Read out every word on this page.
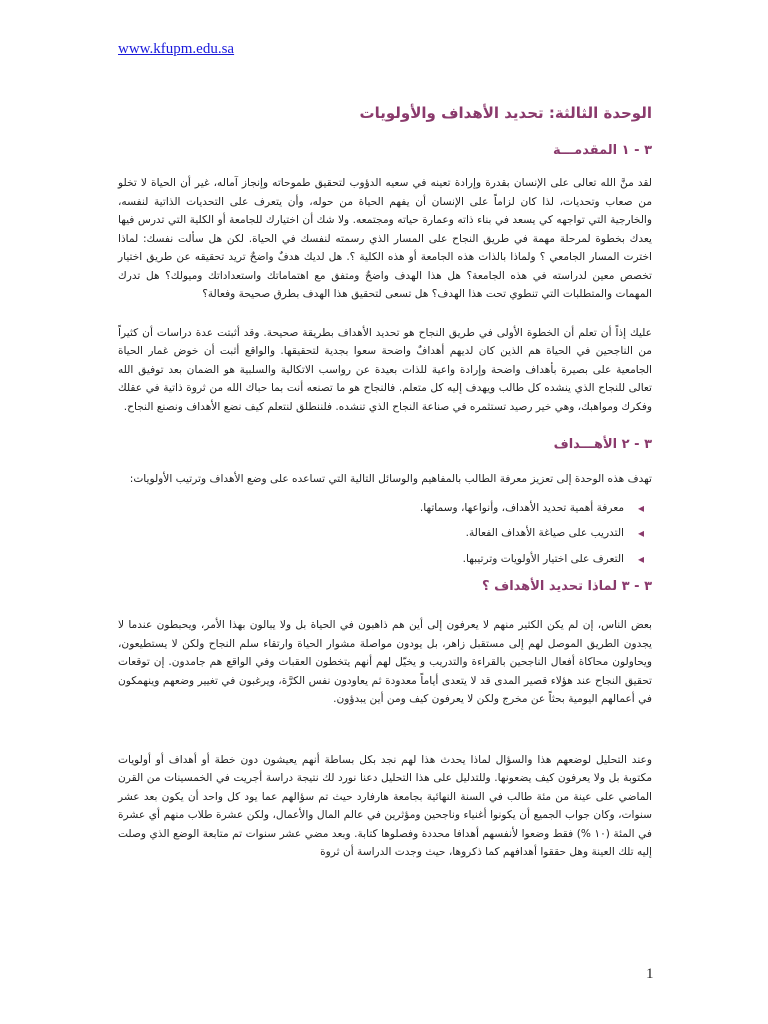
www.kfupm.edu.sa
الوحدة الثالثة: تحديد الأهداف والأولويات
٣ - ١ المقدمـــة

لقد منَّ الله تعالى على الإنسان بقدرة وإرادة تعينه في سعيه الدؤوب لتحقيق طموحاته وإنجاز آماله، غير أن الحياة لا تخلو من صعاب وتحديات، لذا كان لزاماً على الإنسان أن يفهم الحياة من حوله، وأن يتعرف على التحديات الذاتية لنفسه، والخارجية التي تواجهه كي يسعد في بناء ذاته وعمارة حياته ومجتمعه. ولا شك أن اختيارك للجامعة أو الكلية التي تدرس فيها يعدك بخطوة لمرحلة مهمة في طريق النجاح على المسار الذي رسمته لنفسك في الحياة. لكن هل سألت نفسك: لماذا اخترت المسار الجامعي ؟ ولماذا بالذات هذه الجامعة أو هذه الكلية ؟. هل لديك هدفٌ واضحٌ تريد تحقيقه عن طريق اختيار تخصص معين لدراسته في هذه الجامعة؟ هل هذا الهدف واضحٌ ومتفق مع اهتماماتك واستعداداتك وميولك؟ هل تدرك المهمات والمتطلبات التي تنطوي تحت هذا الهدف؟ هل تسعى لتحقيق هذا الهدف بطرق صحيحة وفعالة؟

عليك إذاً أن تعلم أن الخطوة الأولى في طريق النجاح هو تحديد الأهداف بطريقة صحيحة. وقد أثبتت عدة دراسات أن كثيراً من الناجحين في الحياة هم الذين كان لديهم أهدافٌ واضحة سعوا بجدية لتحقيقها. والواقع أثبت أن خوض غمار الحياة الجامعية على بصيرة بأهداف واضحة وإرادة واعية للذات بعيدة عن رواسب الاتكالية والسلبية هو الضمان بعد توفيق الله تعالى للنجاح الذي ينشده كل طالب ويهدف إليه كل متعلم. فالنجاح هو ما تصنعه أنت بما حباك الله من ثروة ذاتية في عقلك وفكرك ومواهبك، وهي خير رصيد تستثمره في صناعة النجاح الذي تنشده. فلننطلق لنتعلم كيف نضع الأهداف ونصنع النجاح.

٣ - ٢ الأهـــداف

تهدف هذه الوحدة إلى تعزيز معرفة الطالب بالمفاهيم والوسائل التالية التي تساعده على وضع الأهداف وترتيب الأولويات:

◂
معرفة أهمية تحديد الأهداف، وأنواعها، وسماتها.
◂
التدريب على صياغة الأهداف الفعالة.
◂
التعرف على اختيار الأولويات وترتيبها.
٣ - ٣ لماذا تحديد الأهداف ؟

بعض الناس، إن لم يكن الكثير منهم لا يعرفون إلى أين هم ذاهبون في الحياة بل ولا يبالون بهذا الأمر، ويحبطون عندما لا يجدون الطريق الموصل لهم إلى مستقبل زاهر، بل يودون مواصلة مشوار الحياة وارتقاء سلم النجاح ولكن لا يستطيعون، ويحاولون محاكاة أفعال الناجحين بالقراءة والتدريب و يخيّل لهم أنهم يتخطون العقبات وفي الواقع هم جامدون. إن توقعات تحقيق النجاح عند هؤلاء قصير المدى قد لا يتعدى أياماً معدودة ثم يعاودون نفس الكرَّة، ويرغبون في تغيير وضعهم وينهمكون في أعمالهم اليومية بحثاً عن مخرج ولكن لا يعرفون كيف ومن أين يبدؤون.

وعند التحليل لوضعهم هذا والسؤال لماذا يحدث هذا لهم نجد بكل بساطة أنهم يعيشون دون خطة أو أهداف أو أولويات مكتوبة بل ولا يعرفون كيف يضعونها. وللتدليل على هذا التحليل دعنا نورد لك نتيجة دراسة أجريت في الخمسينات من القرن الماضي على عينة من مئة طالب في السنة النهائية بجامعة هارفارد حيث تم سؤالهم عما يود كل واحد أن يكون بعد عشر سنوات، وكان جواب الجميع أن يكونوا أغنياء وناجحين ومؤثرين في عالم المال والأعمال، ولكن عشرة طلاب منهم أي عشرة في المئة (١٠ %) فقط وضعوا لأنفسهم أهدافا محددة وفصلوها كتابة. وبعد مضي عشر سنوات تم متابعة الوضع الذي وصلت إليه تلك العينة وهل حققوا أهدافهم كما ذكروها، حيث وجدت الدراسة أن ثروة

1
